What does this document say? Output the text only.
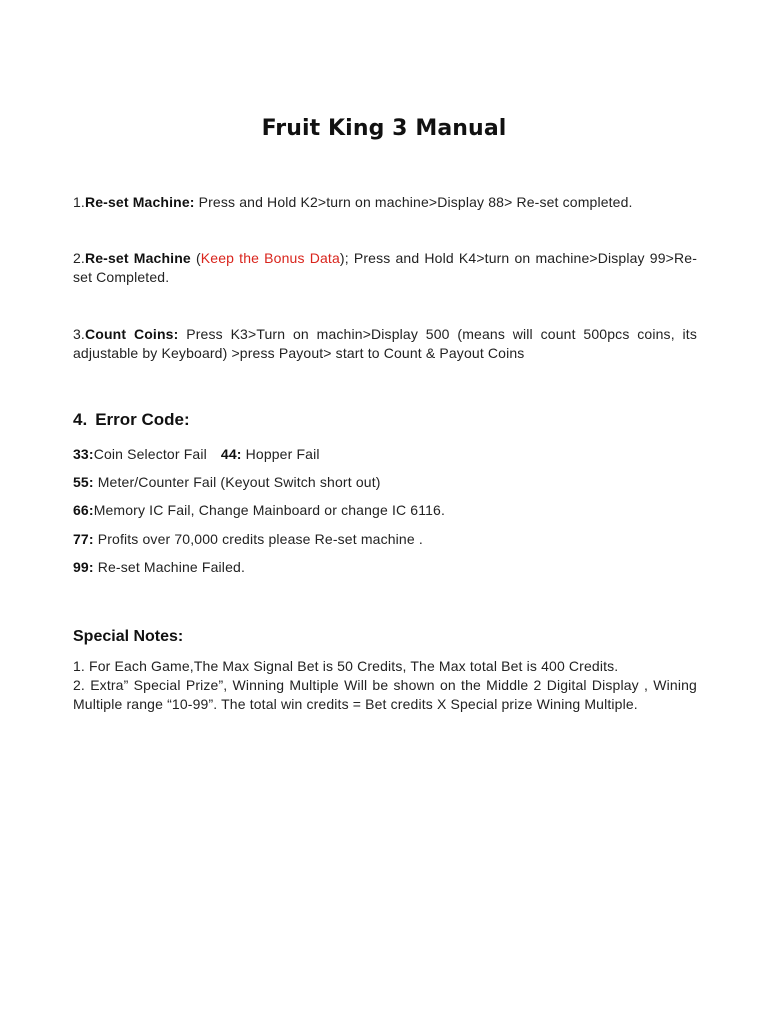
Fruit King 3 Manual
1.Re-set Machine: Press and Hold K2>turn on machine>Display 88> Re-set completed.
2.Re-set Machine (Keep the Bonus Data); Press and Hold K4>turn on machine>Display 99>Re-set Completed.
3.Count Coins: Press K3>Turn on machin>Display 500 (means will count 500pcs coins, its adjustable by Keyboard) >press Payout> start to Count & Payout Coins
4. Error Code:
33:Coin Selector Fail 44: Hopper Fail
55: Meter/Counter Fail (Keyout Switch short out)
66:Memory IC Fail, Change Mainboard or change IC 6116.
77: Profits over 70,000 credits please Re-set machine .
99: Re-set Machine Failed.
Special Notes:
1. For Each Game,The Max Signal Bet is 50 Credits, The Max total Bet is 400 Credits.
2. Extra” Special Prize”, Winning Multiple Will be shown on the Middle 2 Digital Display , Wining Multiple range “10-99”. The total win credits = Bet credits X Special prize Wining Multiple.
